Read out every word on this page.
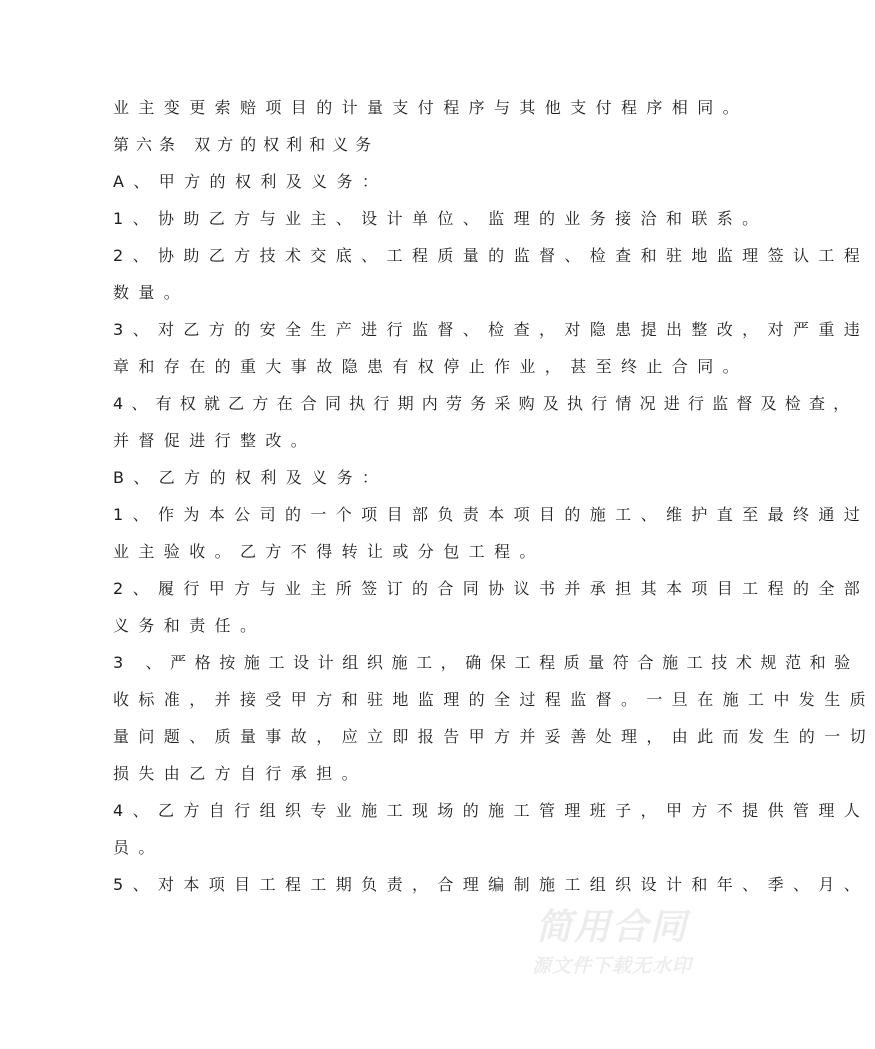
业主变更索赔项目的计量支付程序与其他支付程序相同。
第六条 双方的权利和义务
A、甲方的权利及义务：
1、协助乙方与业主、设计单位、监理的业务接洽和联系。
2、协助乙方技术交底、工程质量的监督、检查和驻地监理签认工程
数量。
3、对乙方的安全生产进行监督、检查，对隐患提出整改，对严重违
章和存在的重大事故隐患有权停止作业，甚至终止合同。
4、有权就乙方在合同执行期内劳务采购及执行情况进行监督及检查，
并督促进行整改。
B、乙方的权利及义务：
1、作为本公司的一个项目部负责本项目的施工、维护直至最终通过
业主验收。乙方不得转让或分包工程。
2、履行甲方与业主所签订的合同协议书并承担其本项目工程的全部
义务和责任。
3 、严格按施工设计组织施工，确保工程质量符合施工技术规范和验
收标准，并接受甲方和驻地监理的全过程监督。一旦在施工中发生质
量问题、质量事故，应立即报告甲方并妥善处理，由此而发生的一切
损失由乙方自行承担。
4、乙方自行组织专业施工现场的施工管理班子，甲方不提供管理人
员。
5、对本项目工程工期负责，合理编制施工组织设计和年、季、月、
简用合同
源文件下载无水印
